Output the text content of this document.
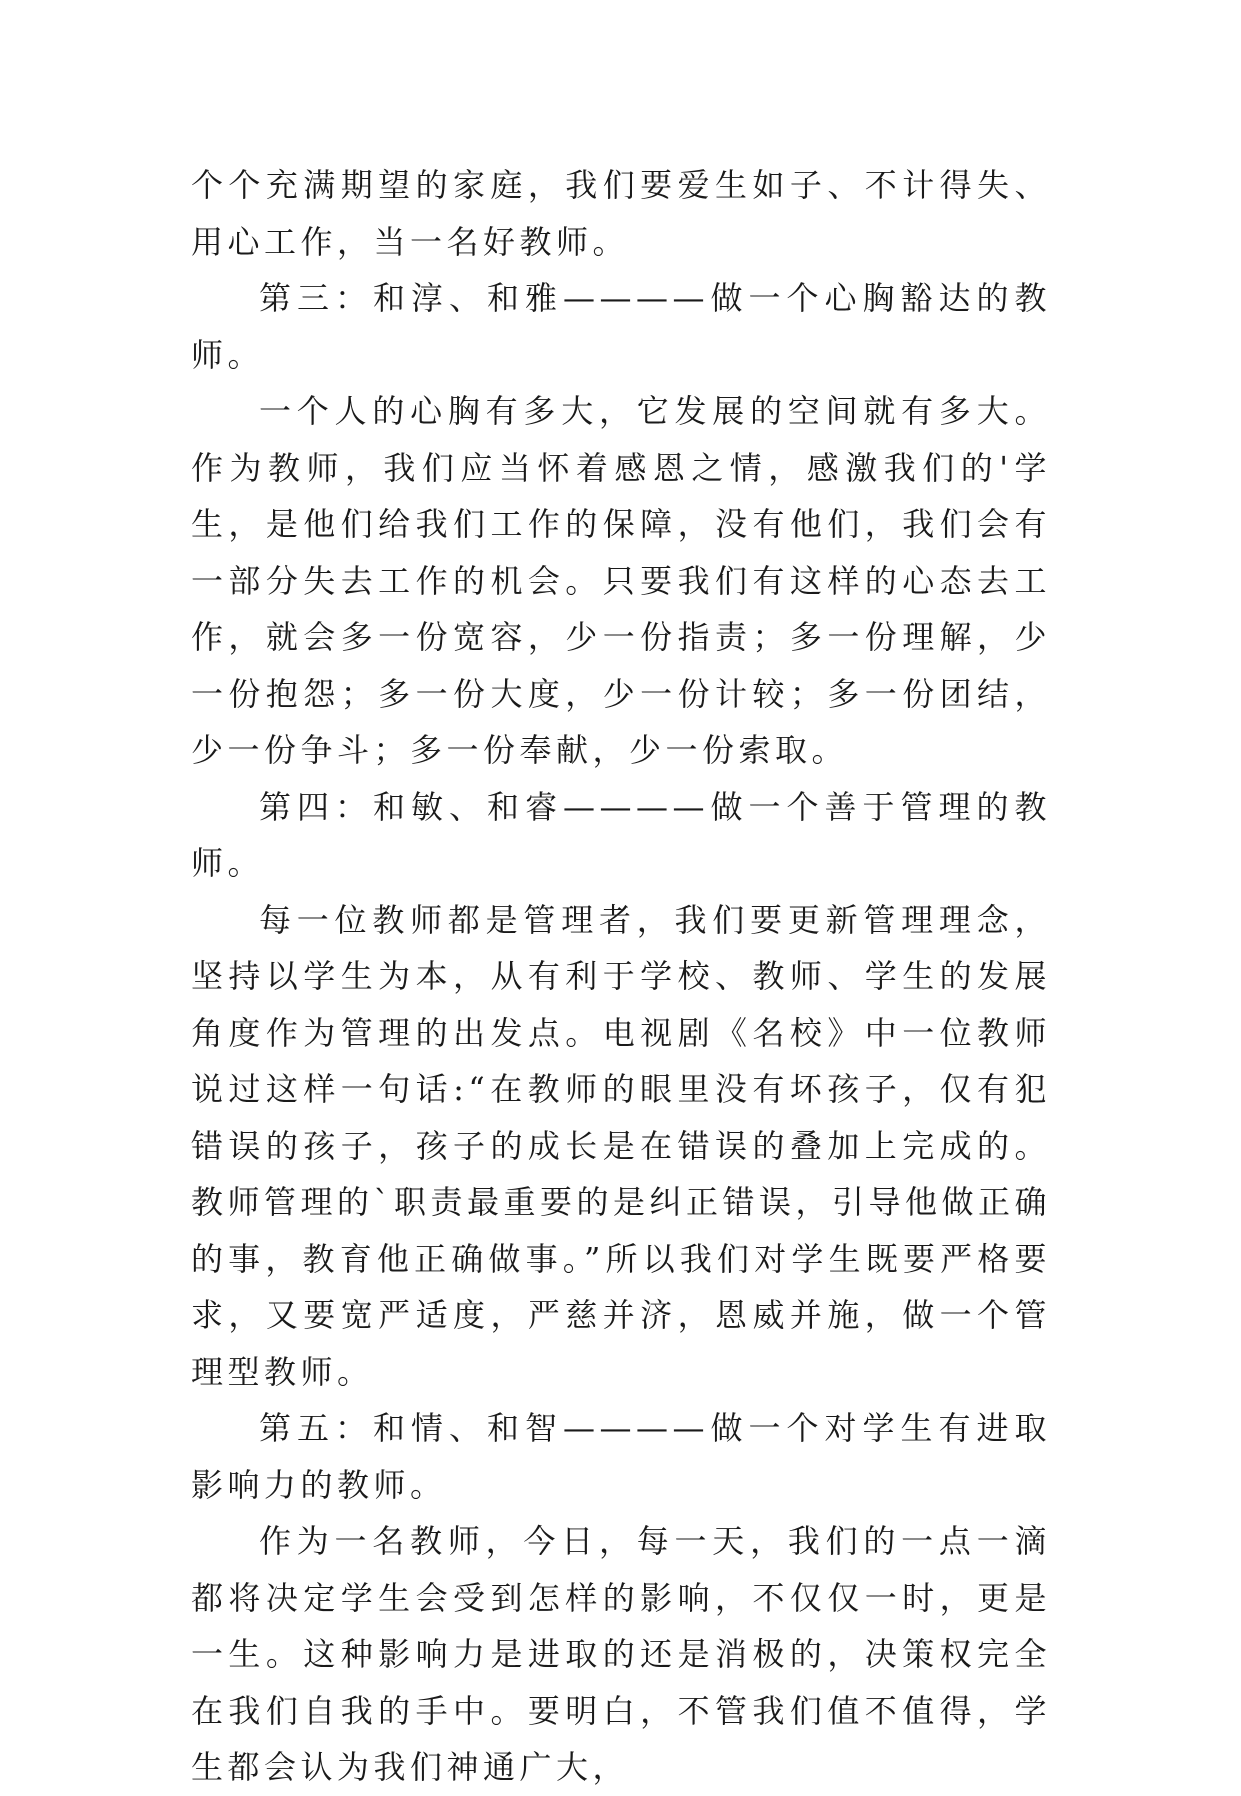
个个充满期望的家庭，我们要爱生如子、不计得失、用心工作，当一名好教师。

第三：和淳、和雅————做一个心胸豁达的教师。

一个人的心胸有多大，它发展的空间就有多大。作为教师，我们应当怀着感恩之情，感激我们的'学生，是他们给我们工作的保障，没有他们，我们会有一部分失去工作的机会。只要我们有这样的心态去工作，就会多一份宽容，少一份指责；多一份理解，少一份抱怨；多一份大度，少一份计较；多一份团结，少一份争斗；多一份奉献，少一份索取。

第四：和敏、和睿————做一个善于管理的教师。

每一位教师都是管理者，我们要更新管理理念，坚持以学生为本，从有利于学校、教师、学生的发展角度作为管理的出发点。电视剧《名校》中一位教师说过这样一句话:“在教师的眼里没有坏孩子，仅有犯错误的孩子，孩子的成长是在错误的叠加上完成的。教师管理的`职责最重要的是纠正错误，引导他做正确的事，教育他正确做事。”所以我们对学生既要严格要求，又要宽严适度，严慈并济，恩威并施，做一个管理型教师。

第五：和情、和智————做一个对学生有进取影响力的教师。

作为一名教师，今日，每一天，我们的一点一滴都将决定学生会受到怎样的影响，不仅仅一时，更是一生。这种影响力是进取的还是消极的，决策权完全在我们自我的手中。要明白，不管我们值不值得，学生都会认为我们神通广大，
